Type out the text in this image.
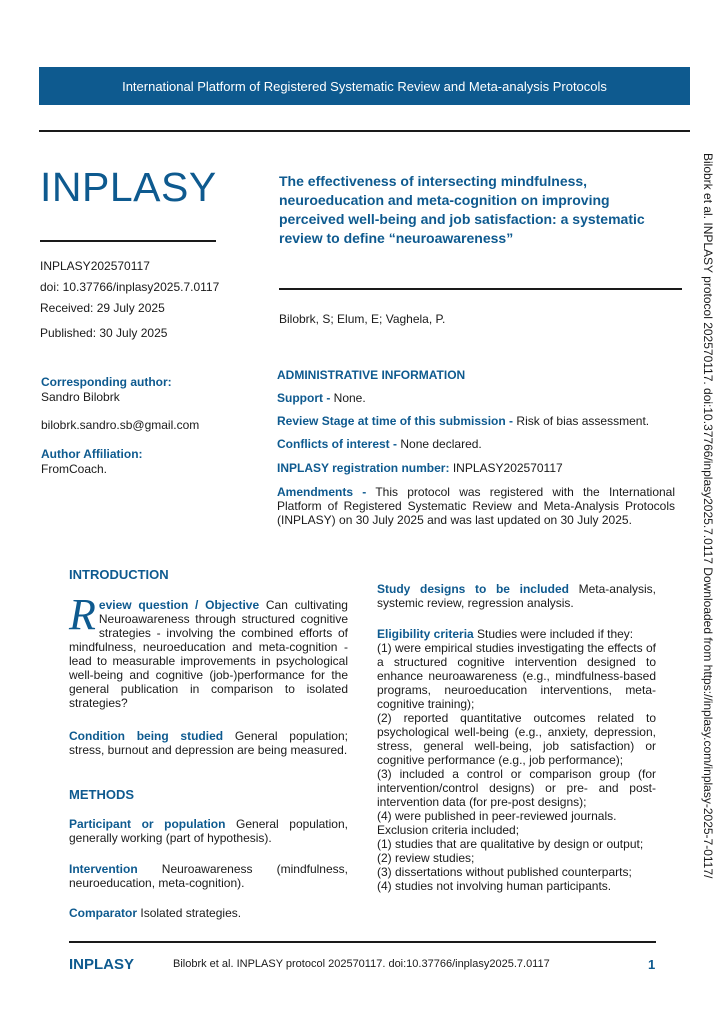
International Platform of Registered Systematic Review and Meta-analysis Protocols
INPLASY
INPLASY202570117
doi: 10.37766/inplasy2025.7.0117
Received: 29 July 2025
Published: 30 July 2025
The effectiveness of intersecting mindfulness, neuroeducation and meta-cognition on improving perceived well-being and job satisfaction: a systematic review to define “neuroawareness”
Bilobrk, S; Elum, E; Vaghela, P.
Corresponding author:
Sandro Bilobrk
bilobrk.sandro.sb@gmail.com
Author Affiliation:
FromCoach.
ADMINISTRATIVE INFORMATION
Support - None.
Review Stage at time of this submission - Risk of bias assessment.
Conflicts of interest - None declared.
INPLASY registration number: INPLASY202570117
Amendments - This protocol was registered with the International Platform of Registered Systematic Review and Meta-Analysis Protocols (INPLASY) on 30 July 2025 and was last updated on 30 July 2025.
INTRODUCTION
Review question / Objective Can cultivating Neuroawareness through structured cognitive strategies - involving the combined efforts of mindfulness, neuroeducation and meta-cognition - lead to measurable improvements in psychological well-being and cognitive (job-)performance for the general publication in comparison to isolated strategies?
Condition being studied General population; stress, burnout and depression are being measured.
METHODS
Participant or population General population, generally working (part of hypothesis).
Intervention Neuroawareness (mindfulness, neuroeducation, meta-cognition).
Comparator Isolated strategies.
Study designs to be included Meta-analysis, systemic review, regression analysis.
Eligibility criteria Studies were included if they:
(1) were empirical studies investigating the effects of a structured cognitive intervention designed to enhance neuroawareness (e.g., mindfulness-based programs, neuroeducation interventions, meta-cognitive training);
(2) reported quantitative outcomes related to psychological well-being (e.g., anxiety, depression, stress, general well-being, job satisfaction) or cognitive performance (e.g., job performance);
(3) included a control or comparison group (for intervention/control designs) or pre- and post-intervention data (for pre-post designs);
(4) were published in peer-reviewed journals.
Exclusion criteria included;
(1) studies that are qualitative by design or output;
(2) review studies;
(3) dissertations without published counterparts;
(4) studies not involving human participants.
Bilobrk et al. INPLASY protocol 202570117. doi:10.37766/inplasy2025.7.0117 Downloaded from https://inplasy.com/inplasy-2025-7-0117/
INPLASY	Bilobrk et al. INPLASY protocol 202570117. doi:10.37766/inplasy2025.7.0117	1
